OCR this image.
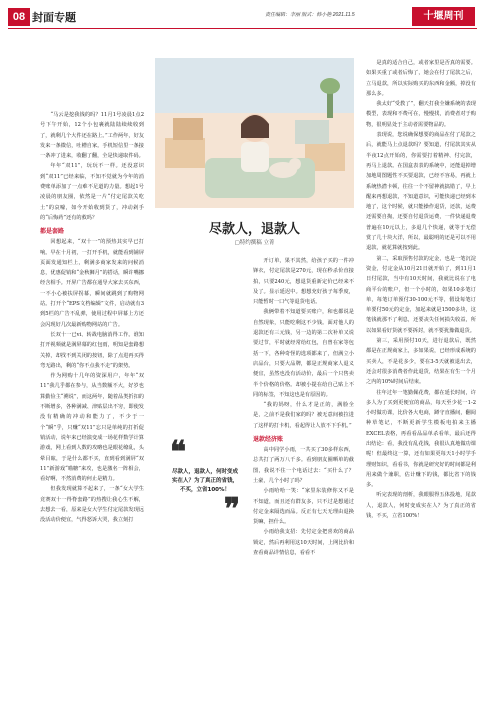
08 封面专题	责任编辑：李丽 版式：韩小艳 2021.11.5	十堰周刊

“马云是挖我钱的吗？11月1号凌晨1点2号下午开始，12个小包裹就陆陆续续收到了，就剩几个大件还在路上。”工作两年，好友发来一条微信，吐槽自家。手机短信里一条接一条冲了进来，收翻了翻，全是快递取件码。

年年“双11”，玩玩不一样。还没意识到“双11”已经来临，不知不觉就为今年的消费账单添加了一点难不足道的力量。想起1号凌晨的朋友圈，依然是一片“付定尾款关吃土”的哀嚎，如今开始收到货了，冲动剁手的“后悔药”还有的救吗？

都是套路

回想起来，“双十一”的预热其实早已打响。早在十月初，一打开手机，就能看到铺屏页面发通知栏上，剩满多商家发来的问候消息，优惠促销和“金秋狮月”的搭话，瞬许嘴挪经含相手。开屏广告都在通导大家去买东西，一不小心被扶屏拐幕，瞬间就跳到了购物网站。打开个“EPS文档编辑”文件，启动就有3到5栏的广告不乱弹，使用过程中屏幕上方还会闪现好几次最新购物网站的广告。

长双十一已ⅵ、转战电脑消得工作。谁知打开视频就是满屏幕的红包雨，明知是套路想关掉，却找不到关闭的按钮，除了点进再买得弯无路出，剩的“你不点我不走”的架势。

作为网购十几年的资深用户，年年“双11”我几乎都在参与，从当数额不大，好岁也算勤俭主“溯说”，而这两年，随着品类折扣的不断增多，各种满减、津贴层出不穷，即使发没有精确的冲动和能力了，不少于一个“瞬”乎，只赚“双11”忘只是单纯的打折促销活动，说年来已经演变成一场花样数学计算游戏，网上看到人数的攻略也是眼花缭乱，头晕目眩，于是什么都不买，直到看到满屏“双11”新游戏“喵糖”来攻，也是激名一阵相会，看好啊，不然消费的何止是精力。

但我发现就算不起来了，一条“女大学生竞赛双十一得脊套路”的热搜让我心生不解，去想去一看，原来是女大学生付定尾款发现远没活动价便宜，气得怒诉大哭，我立刻打

尽款人，退款人
▢特约撰稿 立菁

开订单，果不其然，给孩子买的一件冲锋衣，付定尾款是270元，现在秒杀价直接拍，只要240元，想退货重新定价已经来不及了。显示延迟中。想想充好孩子每季度，只能暂时一口气等退货电话。

我俩带着不知道要买账户，和也都说是自然现象，只能吃剩这不少钱。面对他人的退款还有三元钱，另一边的第二次补单又说要过节，平时就经常给红包，自曾在家等包括一下，各种奇怪的选项都来了，但满立小店品台，只要大品牌，都是正规商家人退义便宜，虽然也没有活动价，最后一个只售卖半个价格的价格。却被小提在给自己贴上不同的标签，不知这也是有原因的。

“我的妈呀，什么才是正的，满脸全是，之前不是我们家的吗？被无意间被拉进了这样的打卡机，看起得让人放不下手机。”

退款经济账

高中同学小雨，一共买了30多样东西，总共打了两万八千多。看到朋友圈晒单的截图，我说不住一个电话过去：“买什么了？土豪，几个小时了吗？

小雨哈哈一笑：“家里东装修你又不是不知道，而且还有群友多，只不过是想通过付定金来隔选而品。反正有七天无理由退换货嘛，担什么。

小雨给我支招：先付定金把喜欢的商品锁定，然后再利用这10天时间，上网比价和查看商品详情信息，看看不

❝
尽款人，退款人，何时变成实在人？为了真正的省钱，不买，立省100%！
❞

是真的适合自己，或者家里是否真的需要。如果买重了或者后悔了，她会在付了尾款之后，立马退款，所以实际购买的东西和金额，掉没有那么多。

我太好“受教了”，翻天打我全嫌系统的表现模型，表现和不费可在，慢慢找，消费者对于购物，很明显处于主动者需要物品的。

表现说，您说确保想要的商品在付了尾款之后，就能马上点退款吗？要知道，付尾款其实从半夜12点开始的，你需要打着精神、付完款，再马上退款。在国盒表表的系统中，还能退掉增加地周图题性不买要退款，已经不容易，再就上系统热潜卡顿，往往一个不留神就搞错了，早上醒来再想退款，不知道意识，可能快递已经到本地了，这个时候，就只能操作退货，还款，运费还需要自掏，还要自付退货运费，一件快递退费普遍在10元以上，多退几个快递，就等于无偿赏了几十块大洋，所以，最聪明的还是可以不用退款，就花算就按到此。

第二，采取预售付款的定金，也是一笔沉淀资金，付定金从10月21日就开始了，到11月1日付尾款，当中有10天时间，我就比说在了电商平台的账户，但一个小时的，如果10多笔订单，每笔订单预付30-100元不等，假设每笔订单要付50元的定金，加起来就是1500多块，这笔钱就那不了利息，还要丧失任何损失收益，所以如果看好货就不要拆封，就不要犹豫做退货。

第三，采用预付10天，进行退款后，既然都是在正规商家上，多如果说，已经形成系统的买卖人，不是花多少，要在3-5天就被退出去，还会对很多消费者作此退货，结果在有生一个月之内的10%时间后结束。

往年过年一笔勤佩花费，都在延长时间，许多人为了买到更便宜的商品，每天至少花一1-2小时做功课，比价各大电商，蹲守直播间，翻阅种草笔记，不断更新学生模板电拍来主播EXCEL表格，再看看品品单杀看单，最后还得出结论：看，我没有乱花钱，我很认真地做功课呢！但最终这一算，还有如果更每天1小时学手理财知识，看看书，你就是研究好的时间都是利用来做个兼职，估计赚下的钱，都比省下的钱多。

听完表现的剖析，我眼服得五体投地，尾款人，退款人，何时变成实在人？为了真正的省钱，不买，立省100%！
